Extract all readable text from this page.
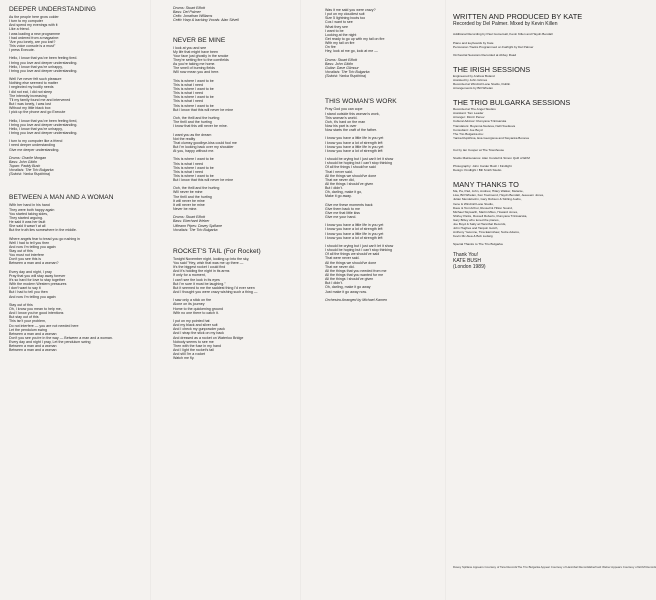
DEEPER UNDERSTANDING
As the people here grow colder
I turn to my computer
And spend my evenings with it
Like a friend.
I was loading a new programme
I had ordered from a magazine:
"Are you lonely, are you lost?
This voice console is a must"
I press Execute.
Hello, I know that you've been feeling tired.
I bring you love and deeper understanding.
Hello, I know that you're unhappy,
I bring you love and deeper understanding.
Well I've never felt such pleasure
Nothing else seemed to matter
I neglected my bodily needs
I did not eat, I did not sleep
The intensity increasing
'Til my family found me and intervened
But I was lonely, I was lost
Without my little black box
I pick up the phone and go Execute
Hello, I know that you've been feeling tired,
I bring you love and deeper understanding.
Hello, I know that you're unhappy,
I bring you love and deeper understanding.
I turn to my computer like a friend
I need deeper understanding
Give me deeper understanding.
Drums: Charlie Morgan
Bass: John Giblin
Tupan: Paddy Bush
Vocalists: The Trio Bulgarka
(Soloist: Yanka Rupkhina)
BETWEEN A MAN AND A WOMAN
With her hand in his hand
They were both happy again
You started taking sides,
They started arguing.
He said it was her fault
She said it wasn't at all
But the truth lies somewhere in the middle.
Where angels fear to tread you go rushing in
Well I had to tell you then
And now I'm telling you again
Stay out of this
You must not interfere
Don't you see this is
Between a man and a woman?
Every day and night, I pray
Pray that you will stay away forever
It's so hard for love to stay together
With the modern Western pressures
I don't want to say it
But I had to tell you then
And now I'm telling you again
Stay out of this
Oh, I know you mean to help me,
And I know you've good intentions
But stay out of this
This isn't your problem,
Do not interfere — you are not needed here
Let the pendulum swing
Between a man and a woman
Don't you see you're in the way — Between a man and a woman.
Every day and night I pray, Let the pendulum swing
Between a man and a woman
Between a man and a woman
Drums: Stuart Elliott
Bass: Del Palmer
Cello: Jonathan Williams
Celtic Harp & backing Vocals: Alan Stivell
NEVER BE MINE
I look at you and see
My life that might have been
Your face just ghostly in the smoke
They're setting fire to the cornfields
As you're taking me home.
The smell of burning fields
Will now mean you and here.
This is where I want to be
This is what I need
This is where I want to be
This is what I need
This is where I want to be
This is what I need
This is where I want to be
But I know that this will never be mine
Ooh, the thrill and the hurting
The thrill and the hurting
I know that this will never be mine.
I want you as the dream
Not the reality
That clumsy goodbye-kiss could fool me
But I'm looking back over my shoulder
At you, happy without me.
This is where I want to be
This is what I need
This is where I want to be
This is what I need
This is where I want to be
But I know that this will never be mine
Ooh, the thrill and the hurting
Will never be mine
The thrill and the hurting
It will never be mine
It will never be mine
Never be mine.
Drums: Stuart Elliott
Bass: Eberhard Weber
Uilleann Pipes: Davey Spillane
Vocalists: The Trio Bulgarka
ROCKET'S TAIL (For Rocket)
Tonight November night, looking up into the sky,
You said "Hey, wish that was me up there —
It's the biggest rocket I could find
And it's holding the night in its arms
If only for a moment,
I can't see the look in its eyes
But I'm sure it must be laughing."
But it seemed to me the saddest thing I'd ever seen
And I thought you were crazy wishing such a thing —
I saw only a stick on fire
Alone on its journey
Home to the quickening ground
With no one there to catch it.
I put on my pointed hat
And my black and silver suit
And I check my gunpowder pack
And I strap the stick on my back
And dressed as a rocket on Waterloo Bridge
Nobody seems to see me
Then with the fuse in my hand
And I light the rocket's tail
And still I'm a rocket
Watch me fly.
Was it me said you were crazy?
I put on my cloudiest suit
Size 5 lightning boots too
Cos I want to see
What they see
I want to be
Looking at the night
Get ready to go up with my tail on fire
With my tail on fire
On fire
Hey, look at me go, look at me —
Drums: Stuart Elliott
Bass: John Giblin
Guitar: Dave Gilmour
Vocalists: The Trio Bulgarka
(Soloist: Yanka Rupkhina)
THIS WOMAN'S WORK
Pray God you can cope
I stand outside this woman's work,
This woman's world.
Ooh, it's hard on the man
Now his part is over
Now starts the craft of the father.
I know you have a little life in you yet
I know you have a lot of strength left
I know you have a little life in you yet
I know you have a lot of strength left
I should be crying but I just can't let it show
I should be hoping but I can't stop thinking
Of all the things I should've said
That I never said.
All the things we should've done
That we never did,
All the things I should've given
But I didn't.
Oh, darling, make it go,
Make it go away.
Give me these moments back
Give them back to me
Give me that little kiss
Give me your hand.
I know you have a little life in you yet
I know you have a lot of strength left
I know you have a little life in you yet
I know you have a lot of strength left
I should be crying but I just can't let it show
I should be hoping but I can't stop thinking
Of all the things we should've said
That were never said.
All the things we should've done
That we never did.
All the things that you needed from me
All the things that you wanted for me
All the things I should've given
But I didn't.
Oh, darling, make it go away
Just make it go away now.
Orchestra Arranged by Michael Kamen
WRITTEN AND PRODUCED BY KATE
Recorded by Del Palmer. Mixed by Kevin Killen
Additional Recording by Paul Gomersall, Kevin Killen and Haydn Bendall
Piano and keyboards by Kate
Percussion Tracks Programmed on Fairlight by Del Palmer
Orchestral Sessions Recorded at Abbey Road
THE IRISH SESSIONS
Engineered by Andrew Boland
Assisted by John Grimes
Recorded at Windmill Lane Studio, Dublin
Arrangements by Bill Whelan
THE TRIO BULGARKA SESSIONS
Recorded at The Angel Studios
Assistant: Tom Leader
Arranger: Dimitr Penev
Cultural Advisor: Rumyana Tzintsarska
Translators: Boyanna Nedeva, Nelli Svetkova
Consultant: Joe Boyd
The Trio Bulgarka Are:
Yanka Rupkhina, Eva Georgieva and Stoyanka Boneva
Cut by Ian Cooper at The Townhouse
Studio Maintenance: Alan Cundell & Simon Quill of EFM
Photography: John Carder Bush / Kindlight
Design: Kindlight / Bill Smith Studio
MANY THANKS TO
Ma, Pa, Pad, John, Andrew, Hilary Walker, Melanie,
Lisa, Bill Whelan, Ken Townsend, Haydn Bendall, Jeeeeem Jones,
Julian Mendelsohn, Gary Robson & Stirling Audio,
Irene & Windmill Lane Studio,
Dave & Toni Arthur, Russell & Hilton Sound,
Michael Skywarth, Martin Miles, Howard Jones,
Shirley Parks, Russell Roberts, Rumyana Tzintsarska,
Gary Briley who tuned the pianos,
Joe Boyd & Sally at Hannibal Records,
John Hughes and Tarquin Gotch,
Anthony Yaconne, Tina Earnshaw, Suzie Adams,
Kevin Mc Alea & Bob Ludwig
Special Thanks to The Trio Bulgarka
Thank You!
KATE BUSH
(London 1989)
Davey Spillane Appears Courtesy of Tara RecordsThe Trio Bulgarka Appear Courtesy of Hannibal RecordsEberhard Weber Appears Courtesy of ECM Records
